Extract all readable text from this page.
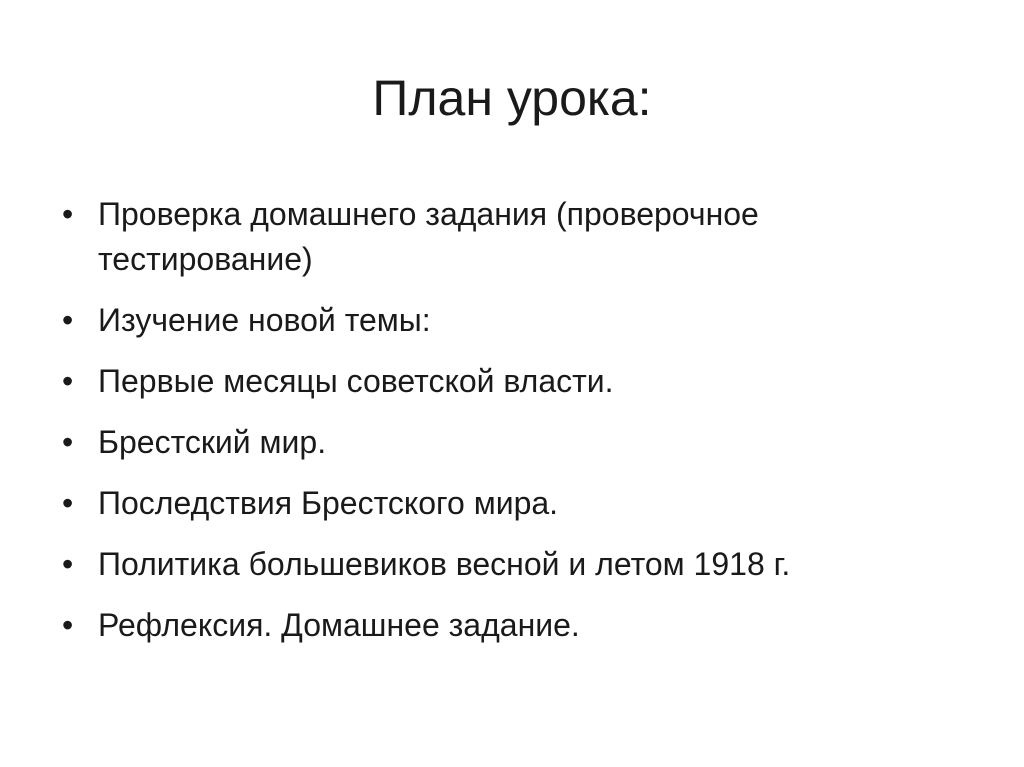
План урока:
• Проверка домашнего задания (проверочное тестирование)
• Изучение новой темы:
• Первые месяцы советской власти.
• Брестский мир.
• Последствия Брестского мира.
• Политика большевиков весной и летом 1918 г.
• Рефлексия. Домашнее задание.
